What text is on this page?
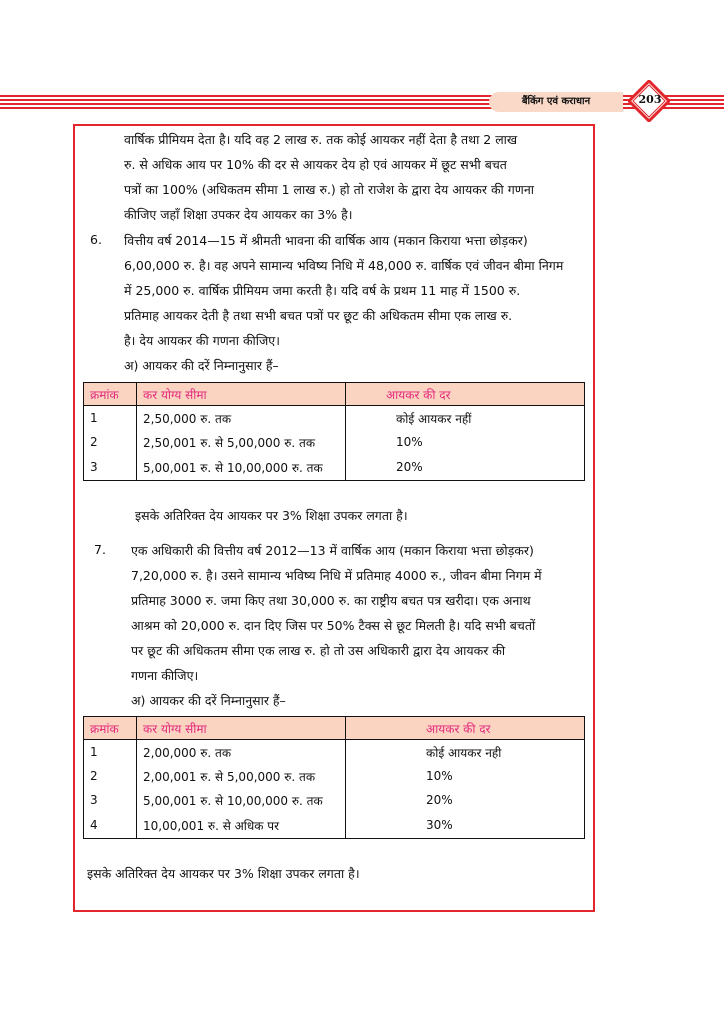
बैंकिंग एवं कराधान	203
वार्षिक प्रीमियम देता है। यदि वह 2 लाख रु. तक कोई आयकर नहीं देता है तथा 2 लाख
रु. से अधिक आय पर 10% की दर से आयकर देय हो एवं आयकर में छूट सभी बचत
पत्रों का 100% (अधिकतम सीमा 1 लाख रु.) हो तो राजेश के द्वारा देय आयकर की गणना
कीजिए जहाँ शिक्षा उपकर देय आयकर का 3% है।
6. वित्तीय वर्ष 2014—15 में श्रीमती भावना की वार्षिक आय (मकान किराया भत्ता छोड़कर)
6,00,000 रु. है। वह अपने सामान्य भविष्य निधि में 48,000 रु. वार्षिक एवं जीवन बीमा निगम
में 25,000 रु. वार्षिक प्रीमियम जमा करती है। यदि वर्ष के प्रथम 11 माह में 1500 रु.
प्रतिमाह आयकर देती है तथा सभी बचत पत्रों पर छूट की अधिकतम सीमा एक लाख रु.
है। देय आयकर की गणना कीजिए।
अ) आयकर की दरें निम्नानुसार हैं–
क्रमांक	कर योग्य सीमा	आयकर की दर
1	2,50,000 रु. तक	कोई आयकर नहीं
2	2,50,001 रु. से 5,00,000 रु. तक	10%
3	5,00,001 रु. से 10,00,000 रु. तक	20%
इसके अतिरिक्त देय आयकर पर 3% शिक्षा उपकर लगता है।
7. एक अधिकारी की वित्तीय वर्ष 2012—13 में वार्षिक आय (मकान किराया भत्ता छोड़कर)
7,20,000 रु. है। उसने सामान्य भविष्य निधि में प्रतिमाह 4000 रु., जीवन बीमा निगम में
प्रतिमाह 3000 रु. जमा किए तथा 30,000 रु. का राष्ट्रीय बचत पत्र खरीदा। एक अनाथ
आश्रम को 20,000 रु. दान दिए जिस पर 50% टैक्स से छूट मिलती है। यदि सभी बचतों
पर छूट की अधिकतम सीमा एक लाख रु. हो तो उस अधिकारी द्वारा देय आयकर की
गणना कीजिए।
अ) आयकर की दरें निम्नानुसार हैं–
क्रमांक	कर योग्य सीमा	आयकर की दर
1	2,00,000 रु. तक	कोई आयकर नही
2	2,00,001 रु. से 5,00,000 रु. तक	10%
3	5,00,001 रु. से 10,00,000 रु. तक	20%
4	10,00,001 रु. से अधिक पर	30%
इसके अतिरिक्त देय आयकर पर 3% शिक्षा उपकर लगता है।
